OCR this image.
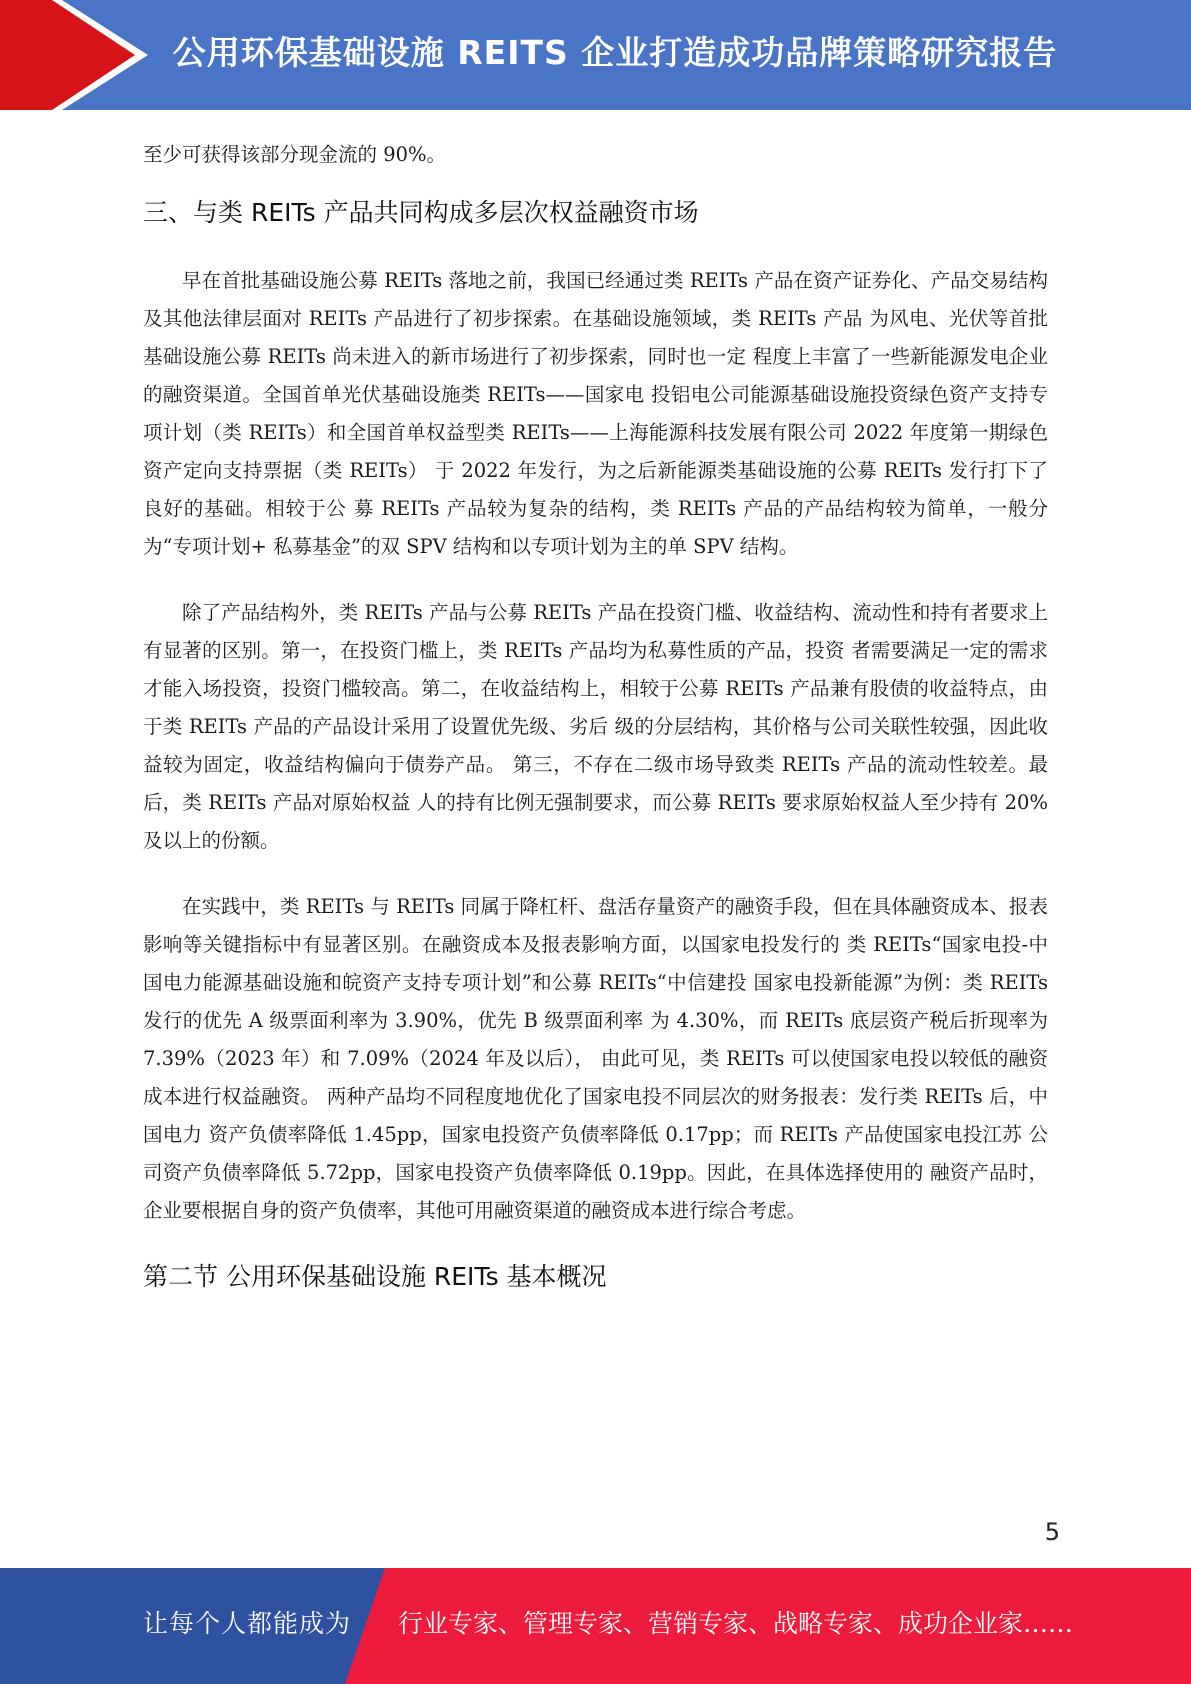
公用环保基础设施 REITS 企业打造成功品牌策略研究报告

至少可获得该部分现金流的 90%。

三、与类 REITs 产品共同构成多层次权益融资市场

早在首批基础设施公募 REITs 落地之前，我国已经通过类 REITs 产品在资产证券化、产品交易结构及其他法律层面对 REITs 产品进行了初步探索。在基础设施领域，类 REITs 产品 为风电、光伏等首批基础设施公募 REITs 尚未进入的新市场进行了初步探索，同时也一定 程度上丰富了一些新能源发电企业的融资渠道。全国首单光伏基础设施类 REITs——国家电 投铝电公司能源基础设施投资绿色资产支持专项计划（类 REITs）和全国首单权益型类 REITs——上海能源科技发展有限公司 2022 年度第一期绿色资产定向支持票据（类 REITs） 于 2022 年发行，为之后新能源类基础设施的公募 REITs 发行打下了良好的基础。相较于公 募 REITs 产品较为复杂的结构，类 REITs 产品的产品结构较为简单，一般分为“专项计划+ 私募基金”的双 SPV 结构和以专项计划为主的单 SPV 结构。

除了产品结构外，类 REITs 产品与公募 REITs 产品在投资门槛、收益结构、流动性和持有者要求上有显著的区别。第一，在投资门槛上，类 REITs 产品均为私募性质的产品，投资 者需要满足一定的需求才能入场投资，投资门槛较高。第二，在收益结构上，相较于公募 REITs 产品兼有股债的收益特点，由于类 REITs 产品的产品设计采用了设置优先级、劣后 级的分层结构，其价格与公司关联性较强，因此收益较为固定，收益结构偏向于债券产品。 第三，不存在二级市场导致类 REITs 产品的流动性较差。最后，类 REITs 产品对原始权益 人的持有比例无强制要求，而公募 REITs 要求原始权益人至少持有 20%及以上的份额。

在实践中，类 REITs 与 REITs 同属于降杠杆、盘活存量资产的融资手段，但在具体融资成本、报表影响等关键指标中有显著区别。在融资成本及报表影响方面，以国家电投发行的 类 REITs“国家电投-中国电力能源基础设施和皖资产支持专项计划”和公募 REITs“中信建投 国家电投新能源”为例：类 REITs 发行的优先 A 级票面利率为 3.90%，优先 B 级票面利率 为 4.30%，而 REITs 底层资产税后折现率为 7.39%（2023 年）和 7.09%（2024 年及以后）， 由此可见，类 REITs 可以使国家电投以较低的融资成本进行权益融资。 两种产品均不同程度地优化了国家电投不同层次的财务报表：发行类 REITs 后，中国电力 资产负债率降低 1.45pp，国家电投资产负债率降低 0.17pp；而 REITs 产品使国家电投江苏 公司资产负债率降低 5.72pp，国家电投资产负债率降低 0.19pp。因此，在具体选择使用的 融资产品时，企业要根据自身的资产负债率，其他可用融资渠道的融资成本进行综合考虑。

第二节 公用环保基础设施 REITs 基本概况
5
让每个人都能成为 行业专家、管理专家、营销专家、战略专家、成功企业家……
